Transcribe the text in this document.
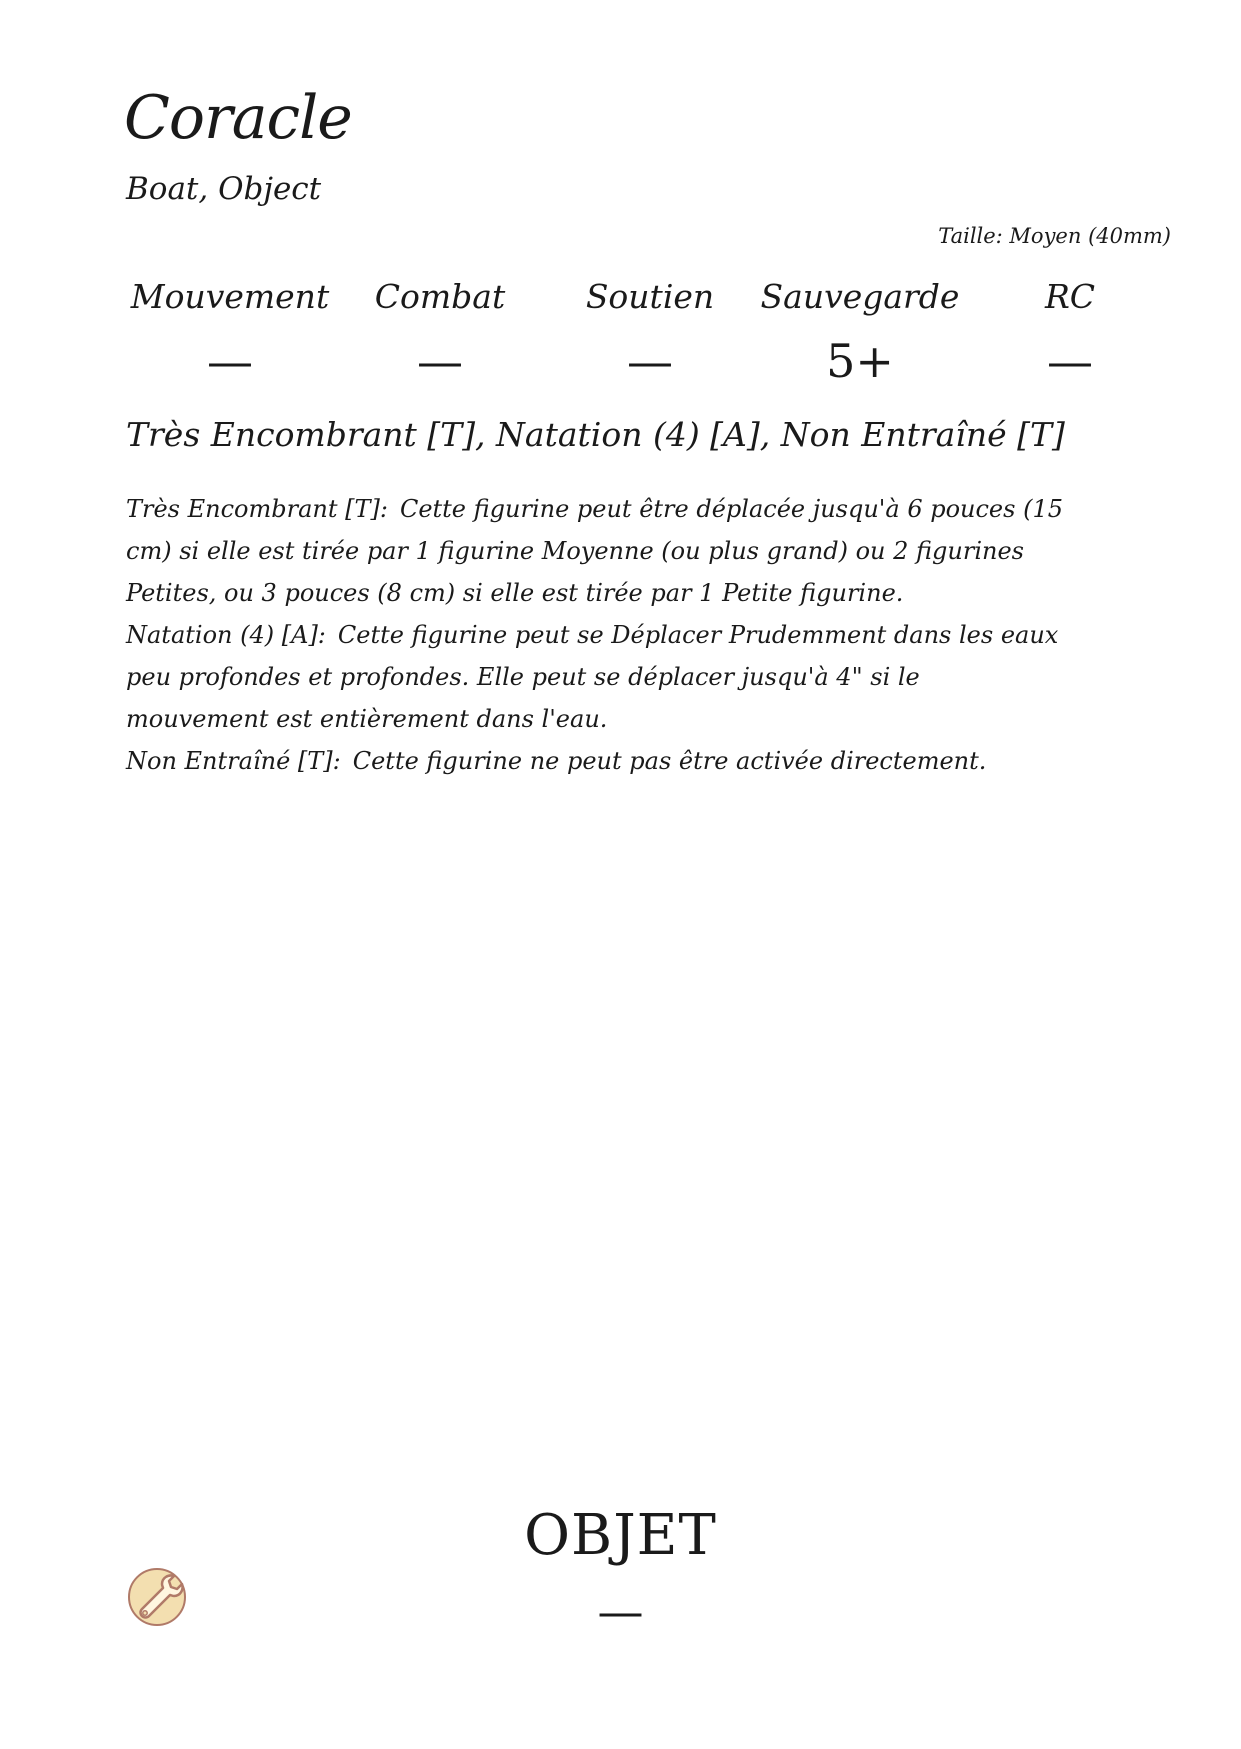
Coracle
Boat, Object
Taille: Moyen (40mm)
Mouvement
—
Combat
—
Soutien
—
Sauvegarde
5+
RC
—
Très Encombrant [T], Natation (4) [A], Non Entraîné [T]
Très Encombrant [T]: Cette figurine peut être déplacée jusqu'à 6 pouces (15 cm) si elle est tirée par 1 figurine Moyenne (ou plus grand) ou 2 figurines Petites, ou 3 pouces (8 cm) si elle est tirée par 1 Petite figurine.
Natation (4) [A]: Cette figurine peut se Déplacer Prudemment dans les eaux peu profondes et profondes. Elle peut se déplacer jusqu'à 4" si le mouvement est entièrement dans l'eau.
Non Entraîné [T]: Cette figurine ne peut pas être activée directement.
OBJET
—
